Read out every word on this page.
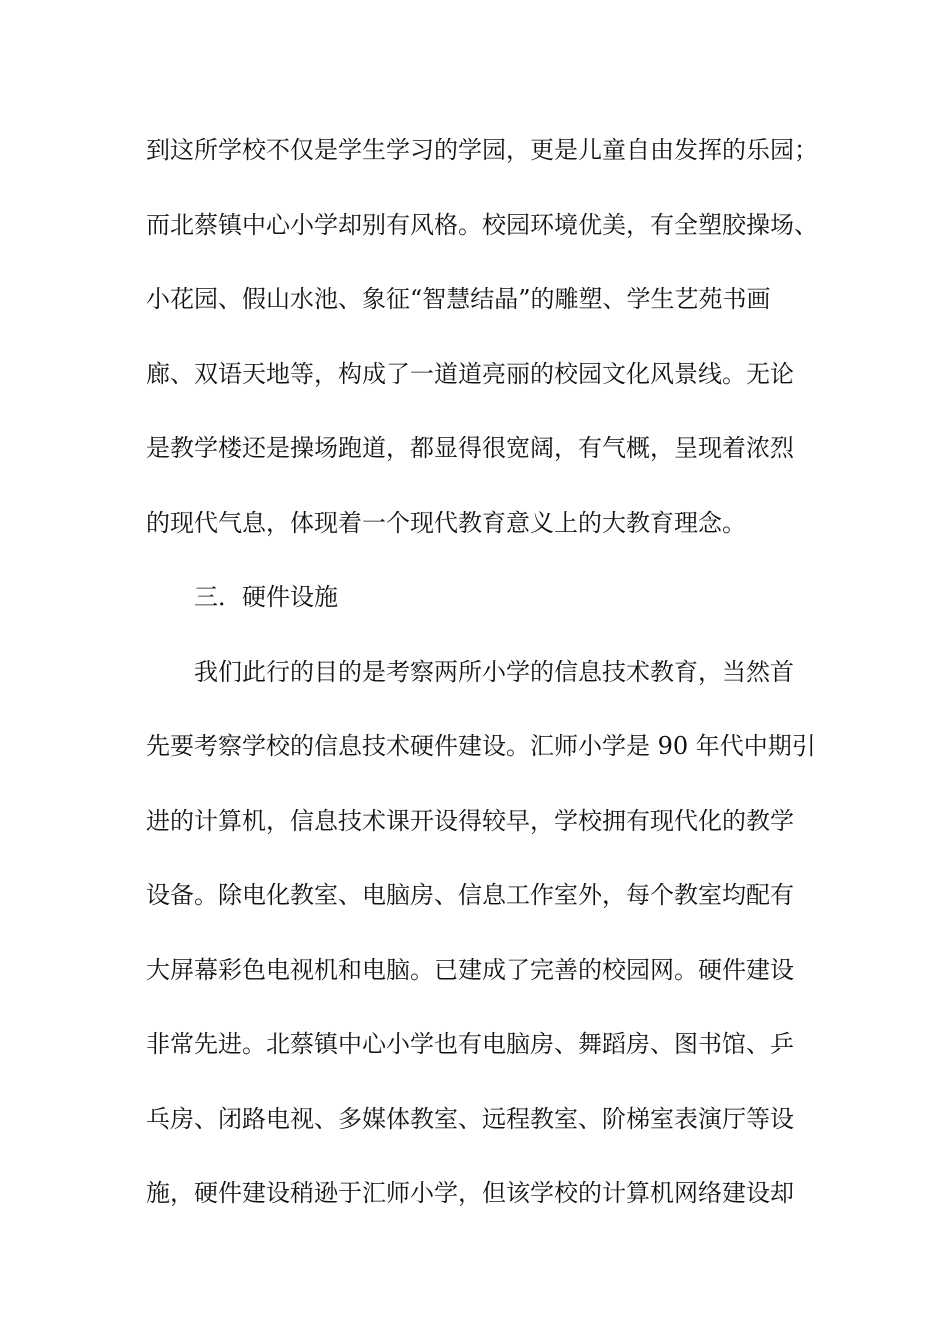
到这所学校不仅是学生学习的学园，更是儿童自由发挥的乐园；
而北蔡镇中心小学却别有风格。校园环境优美，有全塑胶操场、
小花园、假山水池、象征“智慧结晶”的雕塑、学生艺苑书画
廊、双语天地等，构成了一道道亮丽的校园文化风景线。无论
是教学楼还是操场跑道，都显得很宽阔，有气概，呈现着浓烈
的现代气息，体现着一个现代教育意义上的大教育理念。
三．硬件设施
我们此行的目的是考察两所小学的信息技术教育，当然首
先要考察学校的信息技术硬件建设。汇师小学是 90 年代中期引
进的计算机，信息技术课开设得较早，学校拥有现代化的教学
设备。除电化教室、电脑房、信息工作室外，每个教室均配有
大屏幕彩色电视机和电脑。已建成了完善的校园网。硬件建设
非常先进。北蔡镇中心小学也有电脑房、舞蹈房、图书馆、乒
乓房、闭路电视、多媒体教室、远程教室、阶梯室表演厅等设
施，硬件建设稍逊于汇师小学，但该学校的计算机网络建设却
